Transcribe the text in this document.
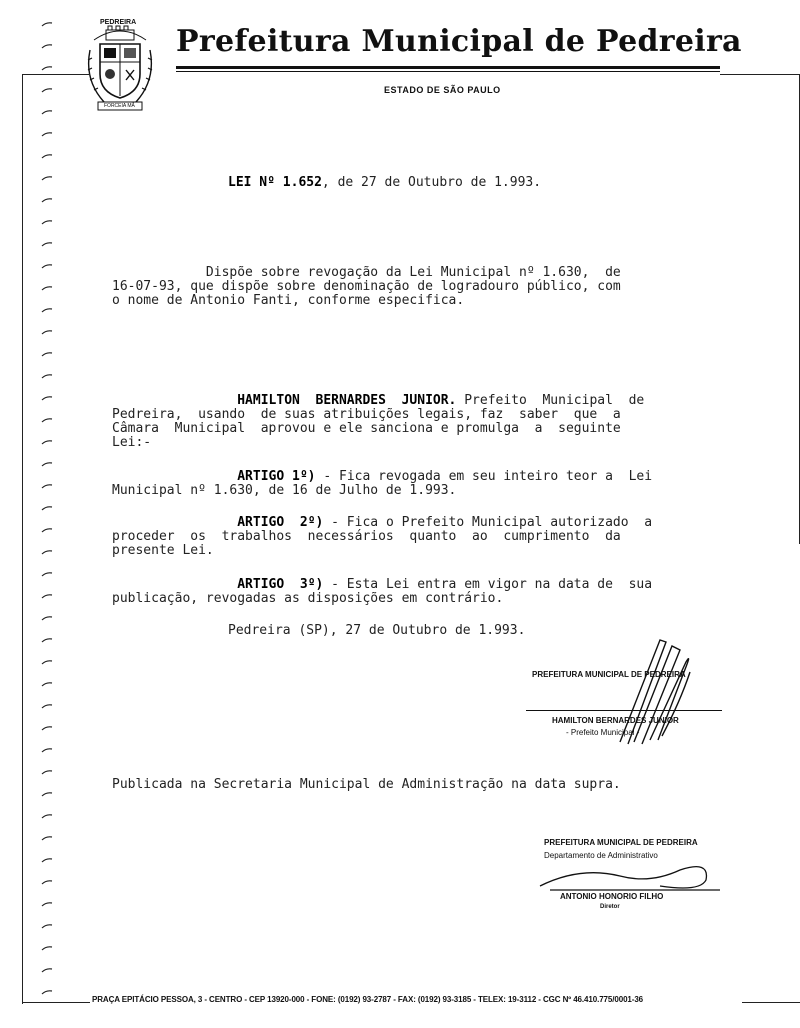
PEDREIRA
FORCEIA MÃ
Prefeitura Municipal de Pedreira
ESTADO DE SÃO PAULO
LEI Nº 1.652, de 27 de Outubro de 1.993.
Dispõe sobre revogação da Lei Municipal nº 1.630,  de
16-07-93, que dispõe sobre denominação de logradouro público, com
o nome de Antonio Fanti, conforme especifica.
HAMILTON  BERNARDES  JUNIOR. Prefeito  Municipal  de
Pedreira,  usando  de suas atribuições legais, faz  saber  que  a
Câmara  Municipal  aprovou e ele sanciona e promulga  a  seguinte
Lei:-
ARTIGO 1º) - Fica revogada em seu inteiro teor a  Lei
Municipal nº 1.630, de 16 de Julho de 1.993.
ARTIGO  2º) - Fica o Prefeito Municipal autorizado  a
proceder  os  trabalhos  necessários  quanto  ao  cumprimento  da
presente Lei.
ARTIGO  3º) - Esta Lei entra em vigor na data de  sua
publicação, revogadas as disposições em contrário.
Pedreira (SP), 27 de Outubro de 1.993.
PREFEITURA MUNICIPAL DE PEDREIRA
HAMILTON BERNARDES JUNIOR
- Prefeito Municipal -
Publicada na Secretaria Municipal de Administração na data supra.
PREFEITURA MUNICIPAL DE PEDREIRA
Departamento de Administrativo
ANTONIO HONORIO FILHO
Diretor
PRAÇA EPITÁCIO PESSOA, 3 - CENTRO - CEP 13920-000 - FONE: (0192) 93-2787 - FAX: (0192) 93-3185 - TELEX: 19-3112 - CGC Nº 46.410.775/0001-36
